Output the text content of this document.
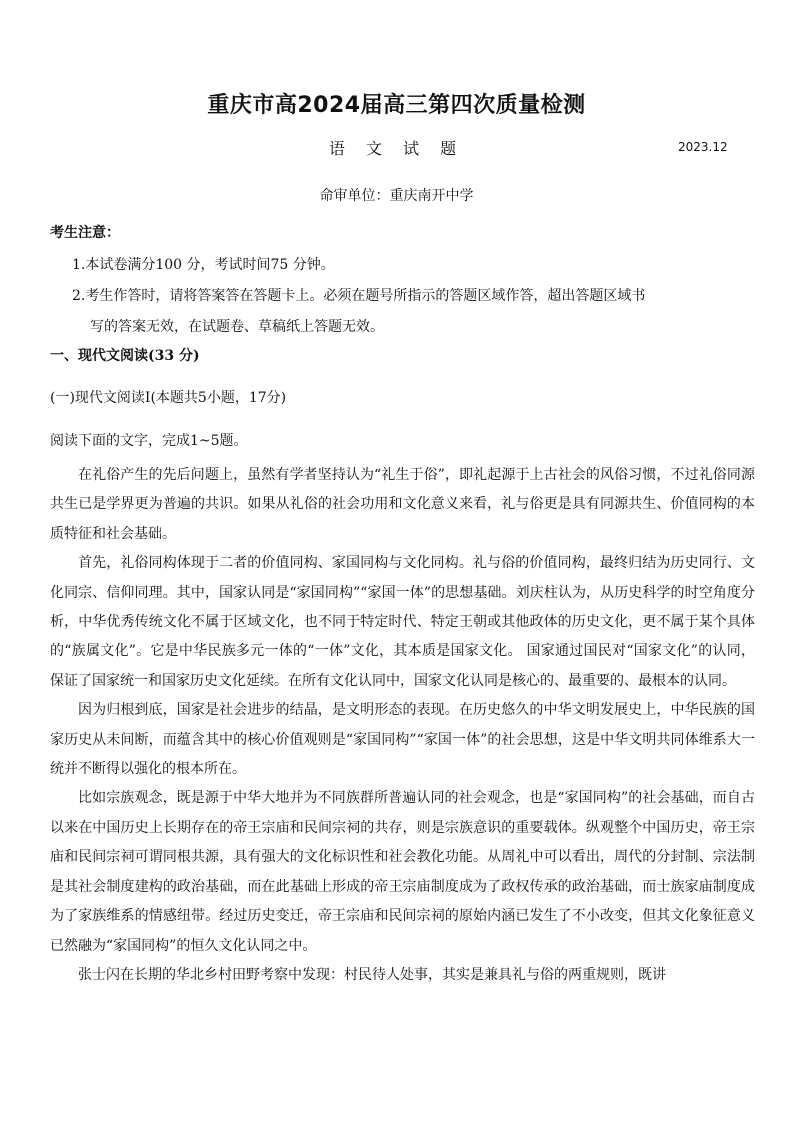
重庆市高2024届高三第四次质量检测
语 文 试 题	2023.12
命审单位：重庆南开中学
考生注意：
1.本试卷满分100 分，考试时间75 分钟。
2.考生作答时，请将答案答在答题卡上。必须在题号所指示的答题区域作答，超出答题区域书
写的答案无效，在试题卷、草稿纸上答题无效。
一、现代文阅读(33 分)
(一)现代文阅读Ⅰ(本题共5小题，17分)
阅读下面的文字，完成1~5题。

在礼俗产生的先后问题上，虽然有学者坚持认为“礼生于俗”，即礼起源于上古社会的风俗习惯，不过礼俗同源共生已是学界更为普遍的共识。如果从礼俗的社会功用和文化意义来看，礼与俗更是具有同源共生、价值同构的本质特征和社会基础。

首先，礼俗同构体现于二者的价值同构、家国同构与文化同构。礼与俗的价值同构，最终归结为历史同行、文化同宗、信仰同理。其中，国家认同是“家国同构”“家国一体”的思想基础。刘庆柱认为，从历史科学的时空角度分析，中华优秀传统文化不属于区域文化，也不同于特定时代、特定王朝或其他政体的历史文化，更不属于某个具体的“族属文化”。它是中华民族多元一体的“一体”文化，其本质是国家文化。 国家通过国民对“国家文化”的认同，保证了国家统一和国家历史文化延续。在所有文化认同中，国家文化认同是核心的、最重要的、最根本的认同。

因为归根到底，国家是社会进步的结晶，是文明形态的表现。在历史悠久的中华文明发展史上，中华民族的国家历史从未间断，而蕴含其中的核心价值观则是“家国同构”“家国一体”的社会思想，这是中华文明共同体维系大一统并不断得以强化的根本所在。

比如宗族观念，既是源于中华大地并为不同族群所普遍认同的社会观念，也是“家国同构”的社会基础，而自古以来在中国历史上长期存在的帝王宗庙和民间宗祠的共存，则是宗族意识的重要载体。纵观整个中国历史，帝王宗庙和民间宗祠可谓同根共源，具有强大的文化标识性和社会教化功能。从周礼中可以看出，周代的分封制、宗法制是其社会制度建构的政治基础，而在此基础上形成的帝王宗庙制度成为了政权传承的政治基础，而士族家庙制度成为了家族维系的情感纽带。经过历史变迁，帝王宗庙和民间宗祠的原始内涵已发生了不小改变，但其文化象征意义已然融为“家国同构”的恒久文化认同之中。

张士闪在长期的华北乡村田野考察中发现：村民待人处事，其实是兼具礼与俗的两重规则，既讲
